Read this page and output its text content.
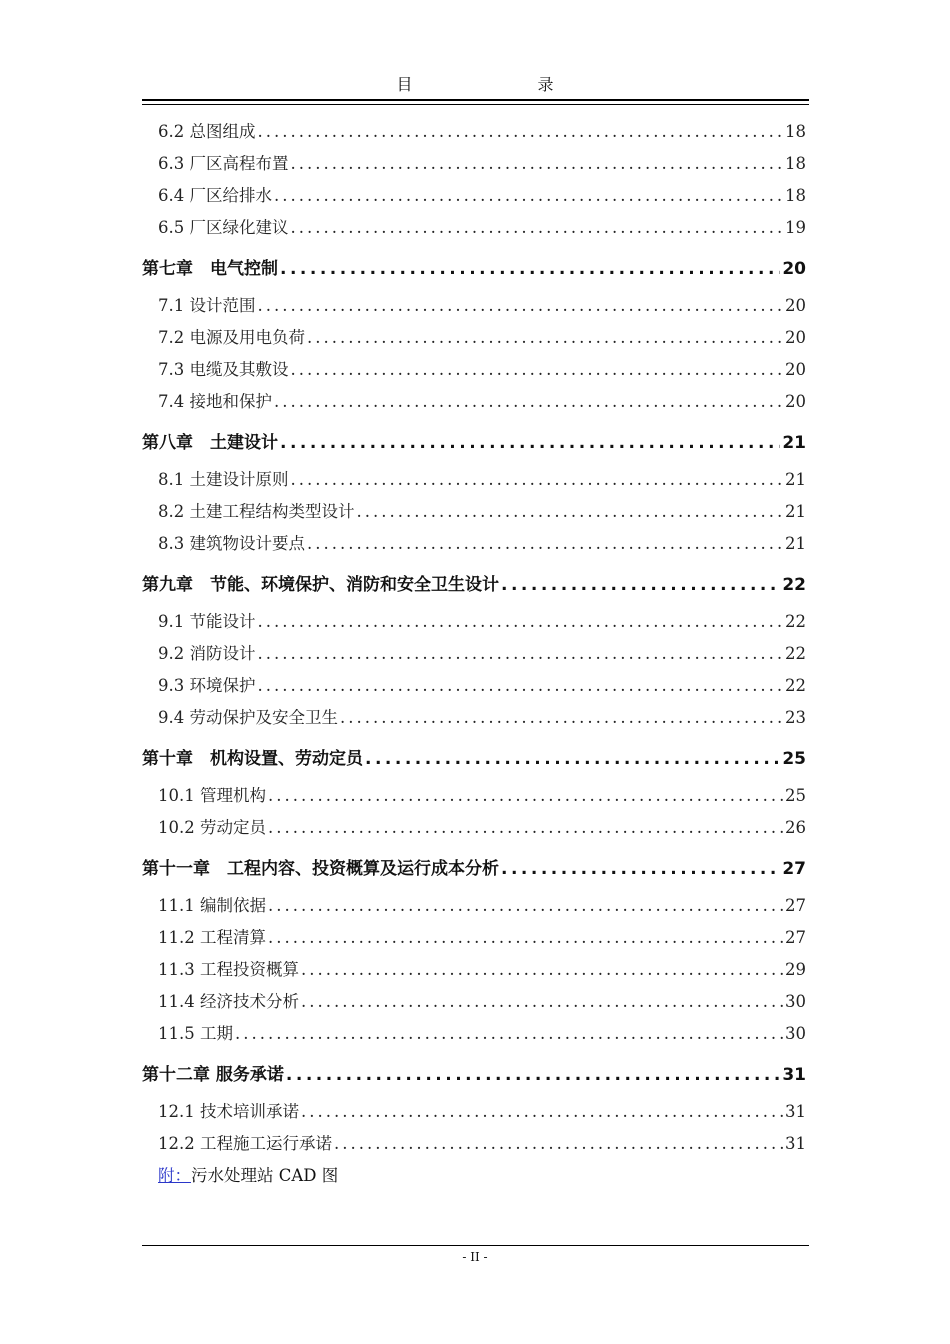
目 录
6.2 总图组成 .....	18
6.3 厂区高程布置 .....	18
6.4 厂区给排水 .....	18
6.5 厂区绿化建议 .....	19
第七章　电气控制 .....	20
7.1 设计范围 .....	20
7.2 电源及用电负荷 .....	20
7.3 电缆及其敷设 .....	20
7.4 接地和保护 .....	20
第八章　土建设计 .....	21
8.1 土建设计原则 .....	21
8.2 土建工程结构类型设计 .....	21
8.3 建筑物设计要点 .....	21
第九章　节能、环境保护、消防和安全卫生设计 .....	22
9.1 节能设计 .....	22
9.2 消防设计 .....	22
9.3 环境保护 .....	22
9.4 劳动保护及安全卫生 .....	23
第十章　机构设置、劳动定员 .....	25
10.1 管理机构 .....	25
10.2 劳动定员 .....	26
第十一章　工程内容、投资概算及运行成本分析 .....	27
11.1 编制依据 .....	27
11.2 工程清算 .....	27
11.3 工程投资概算 .....	29
11.4 经济技术分析 .....	30
11.5 工期 .....	30
第十二章 服务承诺 .....	31
12.1 技术培训承诺 .....	31
12.2 工程施工运行承诺 .....	31
附：污水处理站 CAD 图
- II -
